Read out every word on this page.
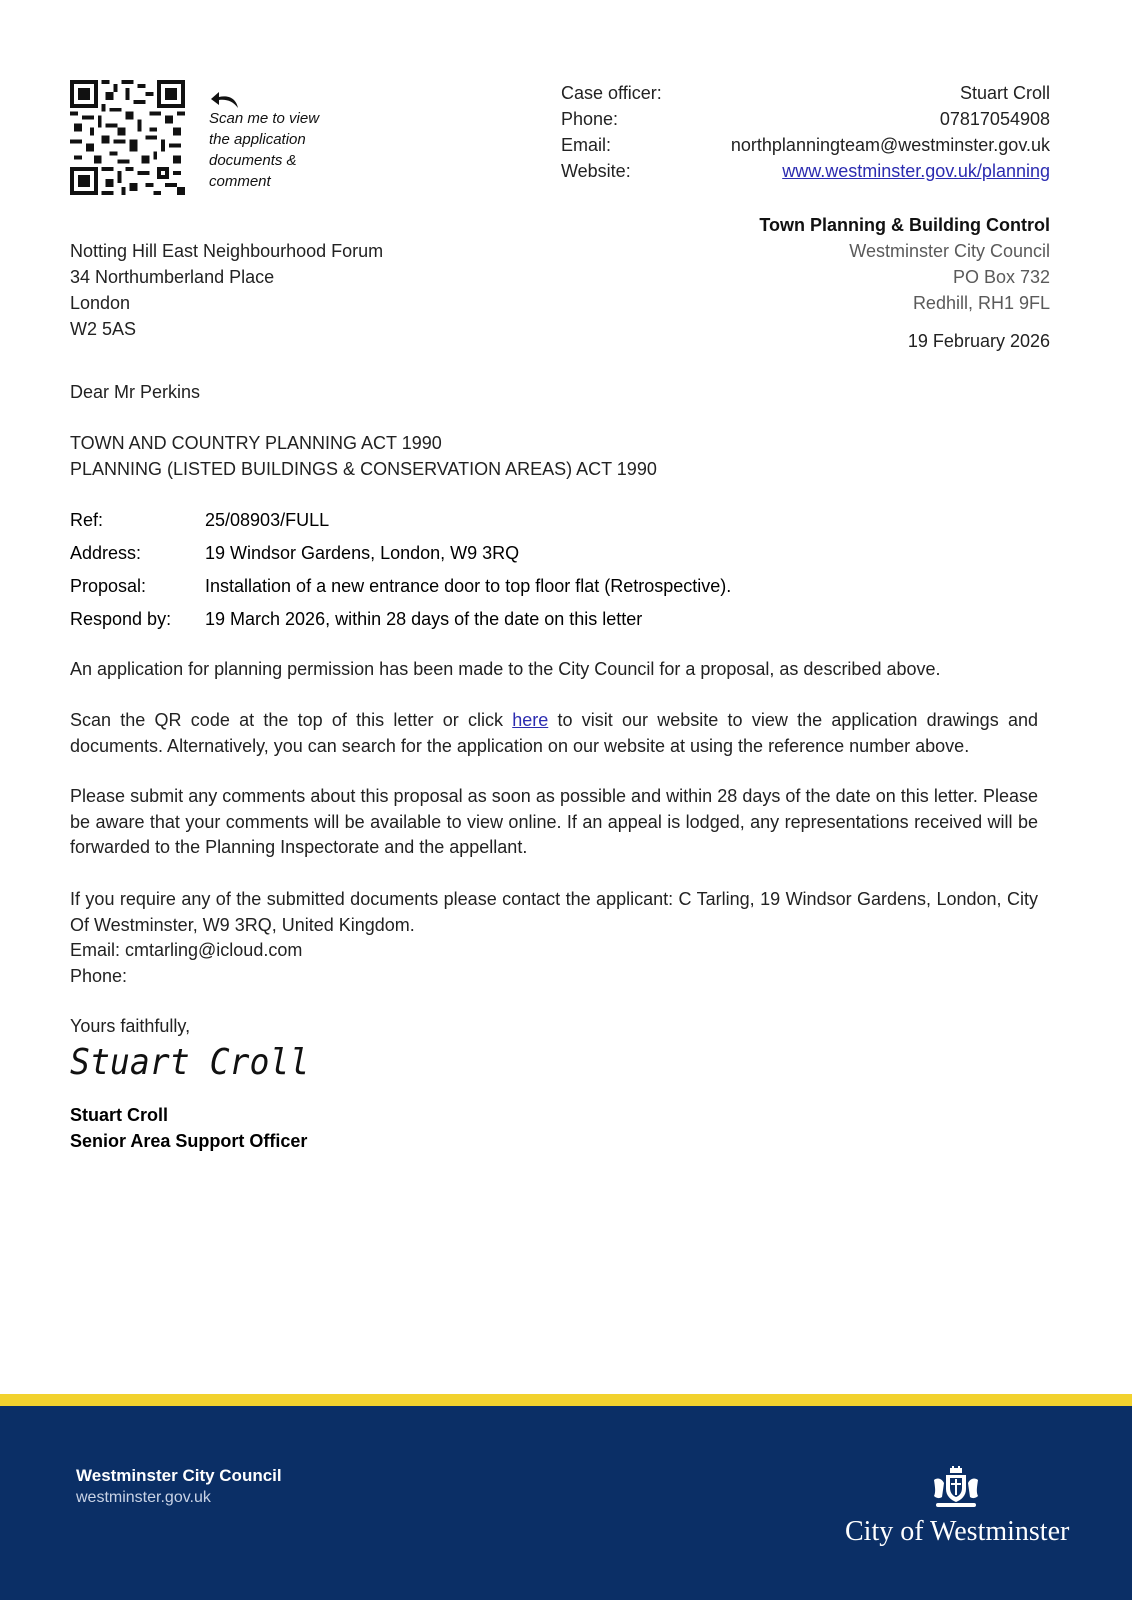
Scan me to view
the application
documents &
comment
Case officer:	Stuart Croll
Phone:	07817054908
Email:	northplanningteam@westminster.gov.uk
Website:	www.westminster.gov.uk/planning
Notting Hill East Neighbourhood Forum
34 Northumberland Place
London
W2 5AS
Town Planning & Building Control
Westminster City Council
PO Box 732
Redhill, RH1 9FL
19 February 2026
Dear Mr Perkins
TOWN AND COUNTRY PLANNING ACT 1990
PLANNING (LISTED BUILDINGS & CONSERVATION AREAS) ACT 1990
Ref:	25/08903/FULL
Address:	19 Windsor Gardens, London, W9 3RQ
Proposal:	Installation of a new entrance door to top floor flat (Retrospective).
Respond by:	19 March 2026, within 28 days of the date on this letter
An application for planning permission has been made to the City Council for a proposal, as described above.
Scan the QR code at the top of this letter or click here to visit our website to view the application drawings and documents. Alternatively, you can search for the application on our website at using the reference number above.
Please submit any comments about this proposal as soon as possible and within 28 days of the date on this letter. Please be aware that your comments will be available to view online. If an appeal is lodged, any representations received will be forwarded to the Planning Inspectorate and the appellant.
If you require any of the submitted documents please contact the applicant: C Tarling, 19 Windsor Gardens, London, City Of Westminster, W9 3RQ, United Kingdom.
Email: cmtarling@icloud.com
Phone:
Yours faithfully,
Stuart Croll
Stuart Croll
Senior Area Support Officer
Westminster City Council
westminster.gov.uk
City of Westminster
